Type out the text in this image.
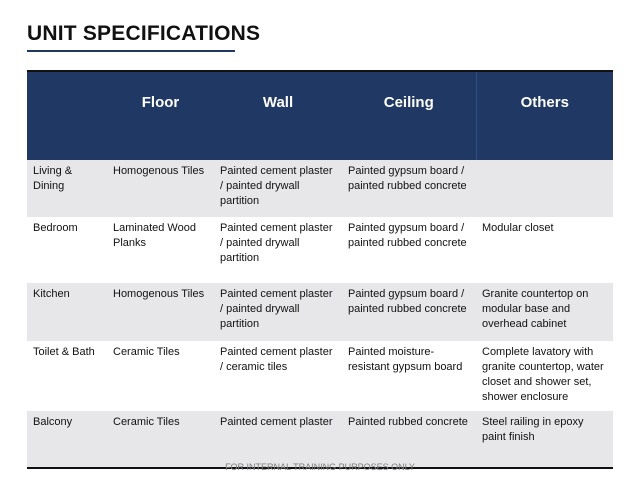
UNIT SPECIFICATIONS
	Floor	Wall	Ceiling	Others
Living & Dining	Homogenous Tiles	Painted cement plaster / painted drywall partition	Painted gypsum board / painted rubbed concrete	
Bedroom	Laminated Wood Planks	Painted cement plaster / painted drywall partition	Painted gypsum board / painted rubbed concrete	Modular closet
Kitchen	Homogenous Tiles	Painted cement plaster / painted drywall partition	Painted gypsum board / painted rubbed concrete	Granite countertop on modular base and overhead cabinet
Toilet & Bath	Ceramic Tiles	Painted cement plaster / ceramic tiles	Painted moisture-resistant gypsum board	Complete lavatory with granite countertop, water closet and shower set, shower enclosure
Balcony	Ceramic Tiles	Painted cement plaster	Painted rubbed concrete	Steel railing in epoxy paint finish
FOR INTERNAL TRAINING PURPOSES ONLY
